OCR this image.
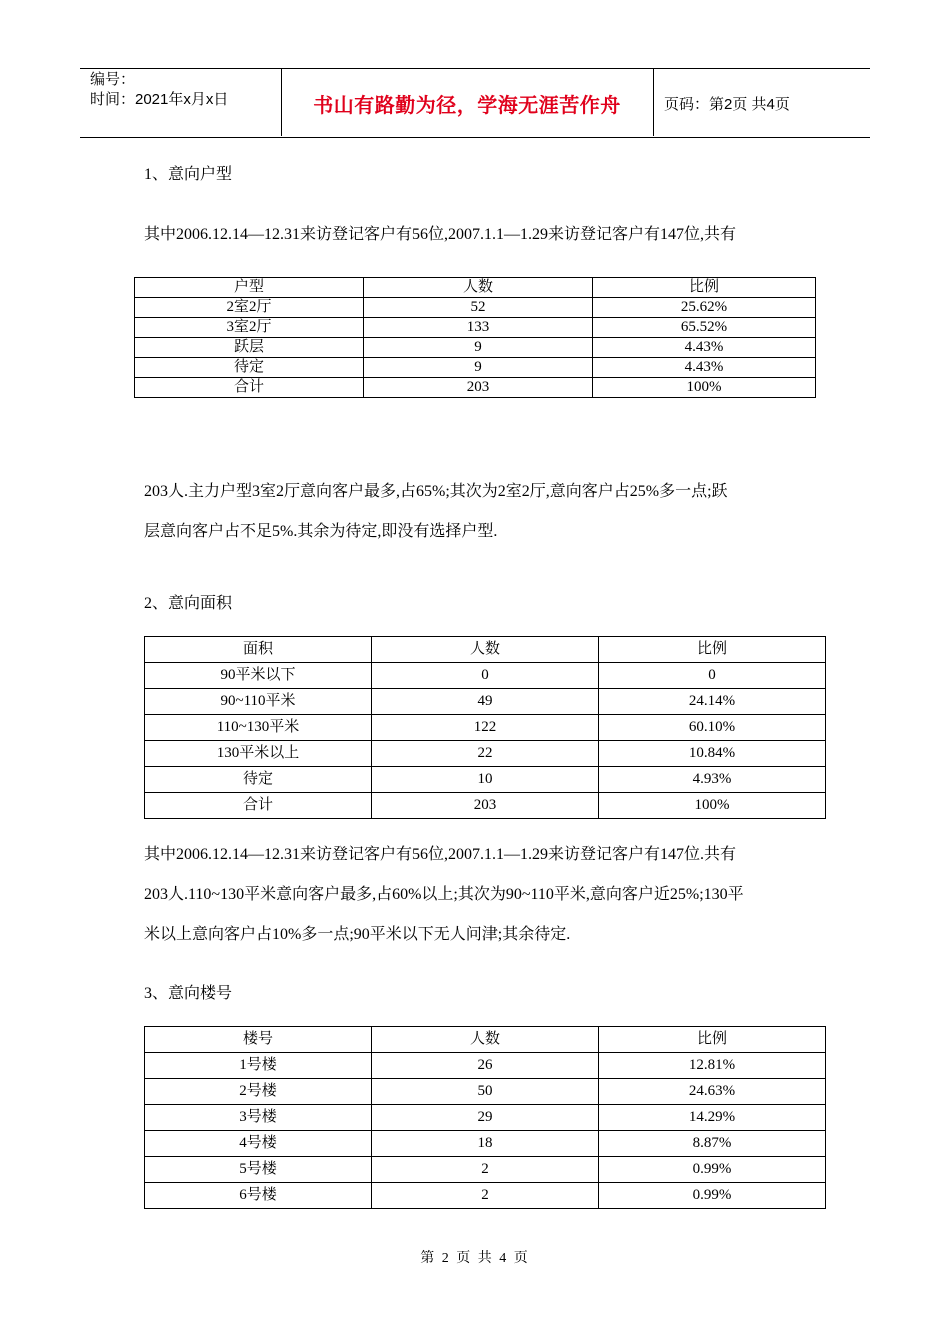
编号：
时间：2021年x月x日	书山有路勤为径，学海无涯苦作舟	页码：第2页 共4页
1、意向户型
其中2006.12.14—12.31来访登记客户有56位,2007.1.1—1.29来访登记客户有147位,共有
户型	人数	比例
2室2厅	52	25.62%
3室2厅	133	65.52%
跃层	9	4.43%
待定	9	4.43%
合计	203	100%
203人.主力户型3室2厅意向客户最多,占65%;其次为2室2厅,意向客户占25%多一点;跃
层意向客户占不足5%.其余为待定,即没有选择户型.
2、意向面积
面积	人数	比例
90平米以下	0	0
90~110平米	49	24.14%
110~130平米	122	60.10%
130平米以上	22	10.84%
待定	10	4.93%
合计	203	100%
其中2006.12.14—12.31来访登记客户有56位,2007.1.1—1.29来访登记客户有147位.共有
203人.110~130平米意向客户最多,占60%以上;其次为90~110平米,意向客户近25%;130平
米以上意向客户占10%多一点;90平米以下无人问津;其余待定.
3、意向楼号
楼号	人数	比例
1号楼	26	12.81%
2号楼	50	24.63%
3号楼	29	14.29%
4号楼	18	8.87%
5号楼	2	0.99%
6号楼	2	0.99%
第 2 页 共 4 页
